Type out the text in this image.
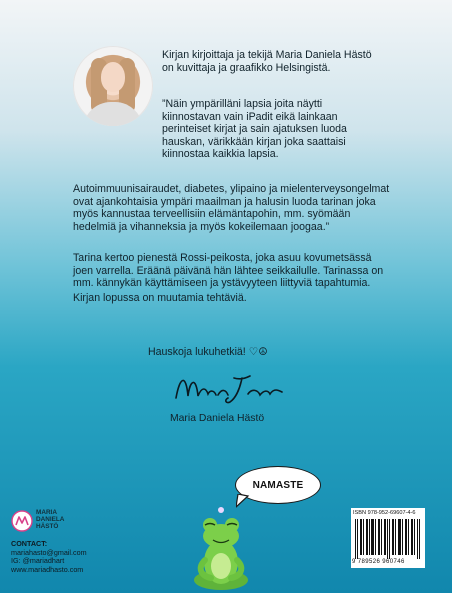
Kirjan kirjoittaja ja tekijä Maria Daniela Hästö on kuvittaja ja graafikko Helsingistä.
”Näin ympärilläni lapsia joita näytti kiinnostavan vain iPadit eikä lainkaan perinteiset kirjat ja sain ajatuksen luoda hauskan, värikkään kirjan joka saattaisi kiinnostaa kaikkia lapsia.
Autoimmuunisairaudet, diabetes, ylipaino ja mielenterveysongelmat ovat ajankohtaisia ympäri maailman ja halusin luoda tarinan joka myös kannustaa terveellisiin elämäntapohin, mm. syömään hedelmiä ja vihanneksia ja myös kokeilemaan joogaa.”
Tarina kertoo pienestä Rossi-peikosta, joka asuu kovumetsässä joen varrella. Eräänä päivänä hän lähtee seikkailulle. Tarinassa on mm. kännykän käyttämiseen ja ystävyyteen liittyviä tapahtumia.
Kirjan lopussa on muutamia tehtäviä.
Hauskoja lukuhetkiä! ♡☮
Maria Daniela Hästö
NAMASTE
MARIA DANIELA HÄSTÖ
CONTACT:
mariahasto@gmail.com
IG: @mariadhart
www.mariadhasto.com
ISBN 978-952-69607-4-6
9 789526 960746
